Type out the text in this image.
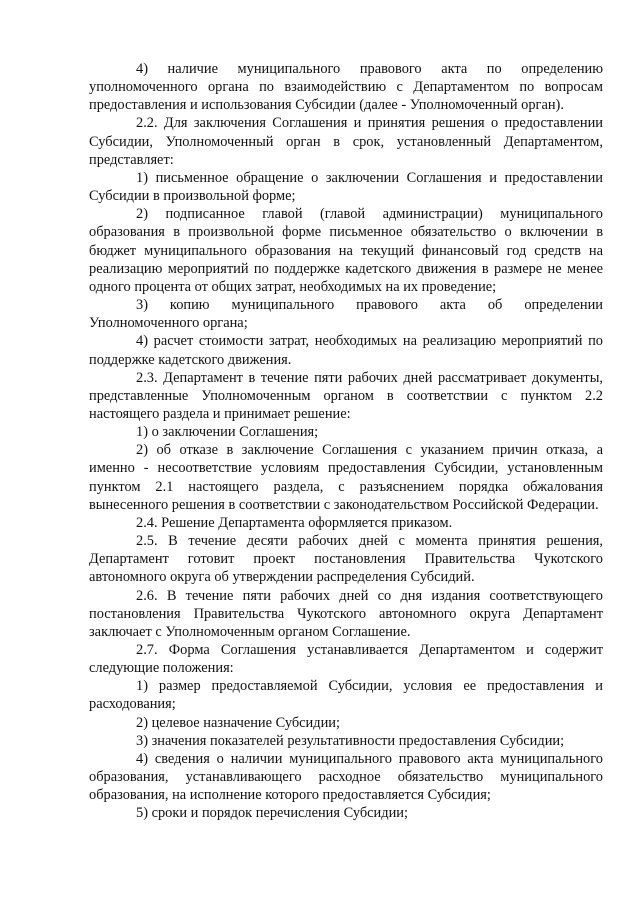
4) наличие муниципального правового акта по определению уполномоченного органа по взаимодействию с Департаментом по вопросам предоставления и использования Субсидии (далее - Уполномоченный орган).

2.2. Для заключения Соглашения и принятия решения о предоставлении Субсидии, Уполномоченный орган в срок, установленный Департаментом, представляет:

1) письменное обращение о заключении Соглашения и предоставлении Субсидии в произвольной форме;

2) подписанное главой (главой администрации) муниципального образования в произвольной форме письменное обязательство о включении в бюджет муниципального образования на текущий финансовый год средств на реализацию мероприятий по поддержке кадетского движения в размере не менее одного процента от общих затрат, необходимых на их проведение;

3) копию муниципального правового акта об определении Уполномоченного органа;

4) расчет стоимости затрат, необходимых на реализацию мероприятий по поддержке кадетского движения.

2.3. Департамент в течение пяти рабочих дней рассматривает документы, представленные Уполномоченным органом в соответствии с пунктом 2.2 настоящего раздела и принимает решение:

1) о заключении Соглашения;

2) об отказе в заключение Соглашения с указанием причин отказа, а именно - несоответствие условиям предоставления Субсидии, установленным пунктом 2.1 настоящего раздела, с разъяснением порядка обжалования вынесенного решения в соответствии с законодательством Российской Федерации.

2.4. Решение Департамента оформляется приказом.

2.5. В течение десяти рабочих дней с момента принятия решения, Департамент готовит проект постановления Правительства Чукотского автономного округа об утверждении распределения Субсидий.

2.6. В течение пяти рабочих дней со дня издания соответствующего постановления Правительства Чукотского автономного округа Департамент заключает с Уполномоченным органом Соглашение.

2.7. Форма Соглашения устанавливается Департаментом и содержит следующие положения:

1) размер предоставляемой Субсидии, условия ее предоставления и расходования;

2) целевое назначение Субсидии;

3) значения показателей результативности предоставления Субсидии;

4) сведения о наличии муниципального правового акта муниципального образования, устанавливающего расходное обязательство муниципального образования, на исполнение которого предоставляется Субсидия;

5) сроки и порядок перечисления Субсидии;
